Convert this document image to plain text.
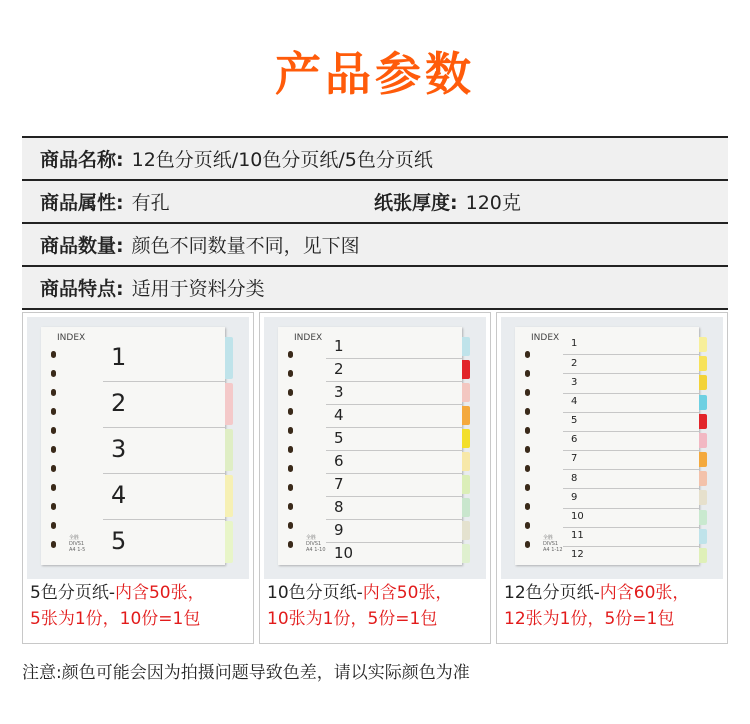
产品参数
商品名称: 12色分页纸/10色分页纸/5色分页纸
商品属性: 有孔	纸张厚度: 120克
商品数量: 颜色不同数量不同，见下图
商品特点: 适用于资料分类
INDEX
全胜
DIVS1
A4 1-5
1
2
3
4
5
5色分页纸-内含50张，
5张为1份，10份=1包
INDEX
全胜
DIVS1
A4 1-10
1
2
3
4
5
6
7
8
9
10
10色分页纸-内含50张，
10张为1份，5份=1包
INDEX
全胜
DIVS1
A4 1-12
1
2
3
4
5
6
7
8
9
10
11
12
12色分页纸-内含60张，
12张为1份，5份=1包
注意:颜色可能会因为拍摄问题导致色差，请以实际颜色为准
